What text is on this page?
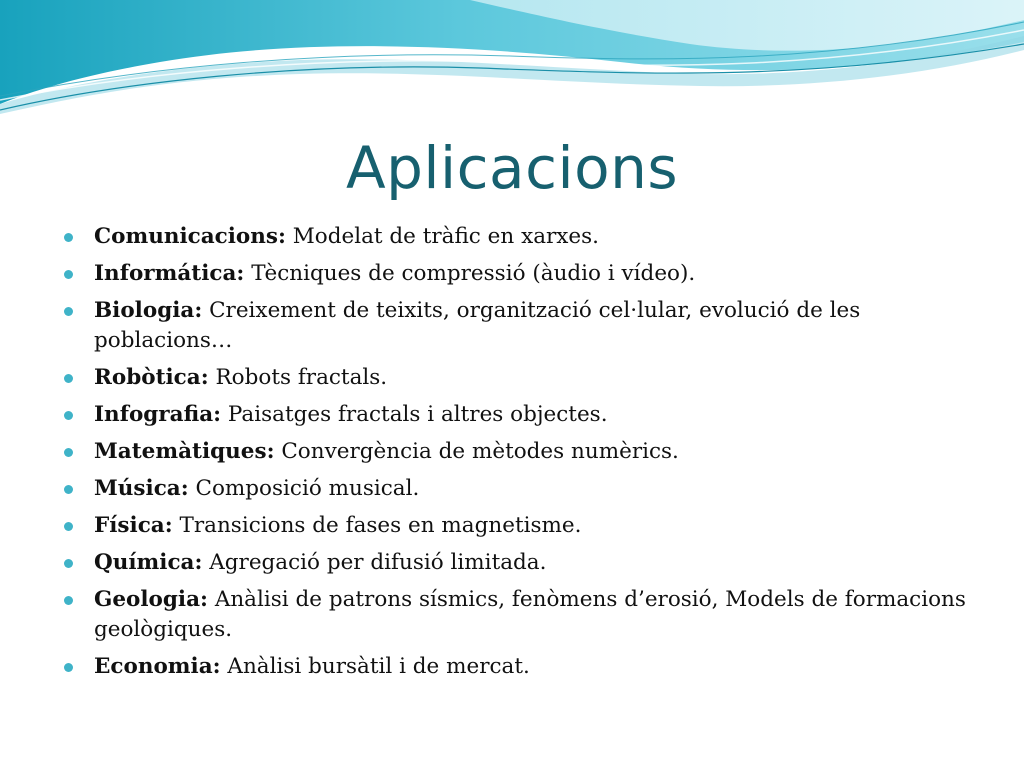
Aplicacions
Comunicacions: Modelat de tràfic en xarxes.
Informática: Tècniques de compressió (àudio i vídeo).
Biologia: Creixement de teixits, organització cel·lular, evolució de les poblacions…
Robòtica: Robots fractals.
Infografia: Paisatges fractals i altres objectes.
Matemàtiques: Convergència de mètodes numèrics.
Música: Composició musical.
Física: Transicions de fases en magnetisme.
Química: Agregació per difusió limitada.
Geologia: Anàlisi de patrons sísmics, fenòmens d’erosió, Models de formacions geològiques.
Economia: Anàlisi bursàtil i de mercat.
